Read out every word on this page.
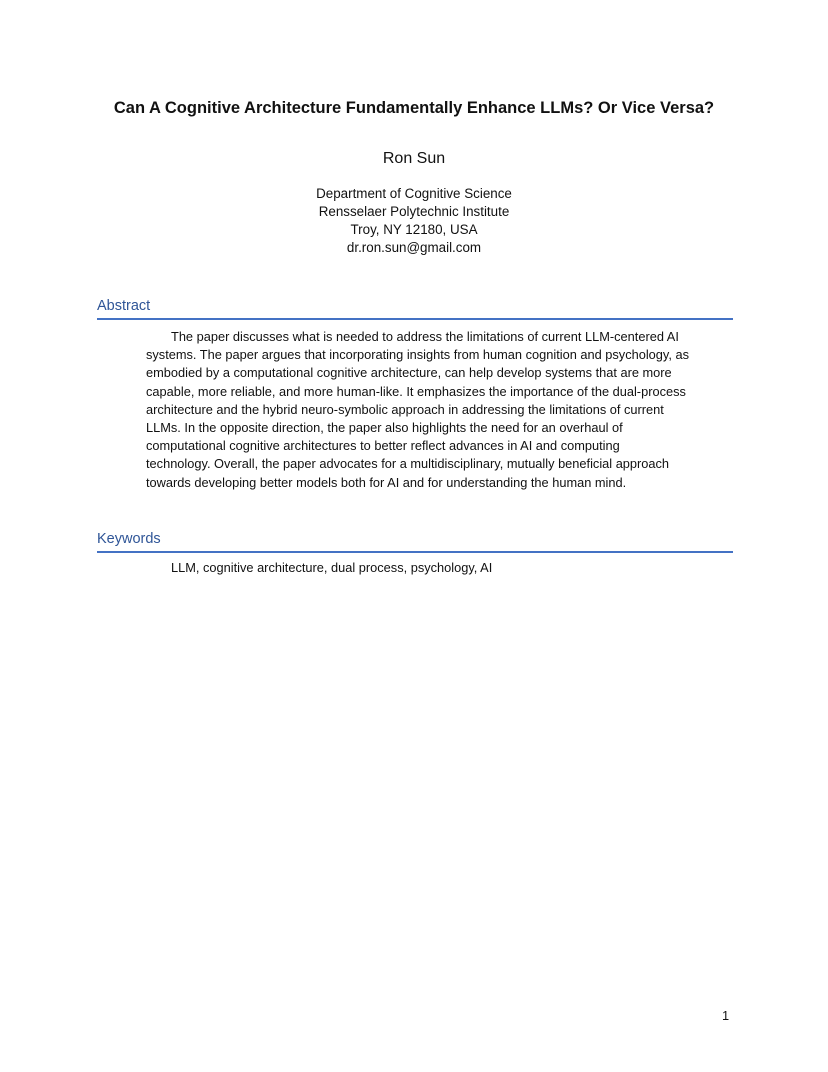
Can A Cognitive Architecture Fundamentally Enhance LLMs? Or Vice Versa?
Ron Sun
Department of Cognitive Science
Rensselaer Polytechnic Institute
Troy, NY 12180, USA
dr.ron.sun@gmail.com
Abstract
The paper discusses what is needed to address the limitations of current LLM-centered AI
systems. The paper argues that incorporating insights from human cognition and psychology, as
embodied by a computational cognitive architecture, can help develop systems that are more
capable, more reliable, and more human-like. It emphasizes the importance of the dual-process
architecture and the hybrid neuro-symbolic approach in addressing the limitations of current
LLMs. In the opposite direction, the paper also highlights the need for an overhaul of
computational cognitive architectures to better reflect advances in AI and computing
technology. Overall, the paper advocates for a multidisciplinary, mutually beneficial approach
towards developing better models both for AI and for understanding the human mind.
Keywords
LLM, cognitive architecture, dual process, psychology, AI
1
